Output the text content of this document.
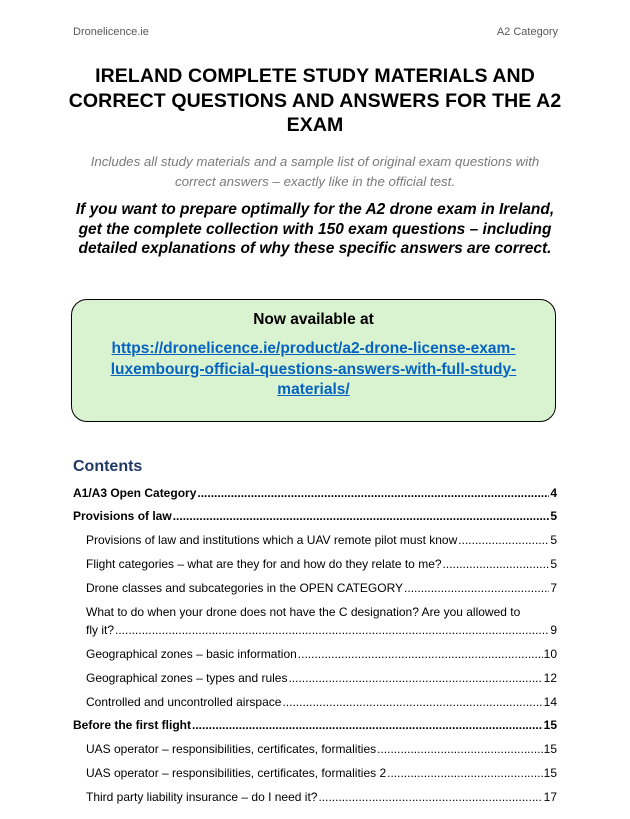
Dronelicence.ie	A2 Category
IRELAND COMPLETE STUDY MATERIALS AND CORRECT QUESTIONS AND ANSWERS FOR THE A2 EXAM
Includes all study materials and a sample list of original exam questions with correct answers – exactly like in the official test.
If you want to prepare optimally for the A2 drone exam in Ireland, get the complete collection with 150 exam questions – including detailed explanations of why these specific answers are correct.
Now available at
https://dronelicence.ie/product/a2-drone-license-exam-luxembourg-official-questions-answers-with-full-study-materials/
Contents
A1/A3 Open Category .....	4
Provisions of law .....	5
Provisions of law and institutions which a UAV remote pilot must know .....	5
Flight categories – what are they for and how do they relate to me? .....	5
Drone classes and subcategories in the OPEN CATEGORY .....	7
What to do when your drone does not have the C designation? Are you allowed to
fly it? .....	9
Geographical zones – basic information .....	10
Geographical zones – types and rules .....	12
Controlled and uncontrolled airspace .....	14
Before the first flight .....	15
UAS operator – responsibilities, certificates, formalities .....	15
UAS operator – responsibilities, certificates, formalities 2 .....	15
Third party liability insurance – do I need it? .....	17
